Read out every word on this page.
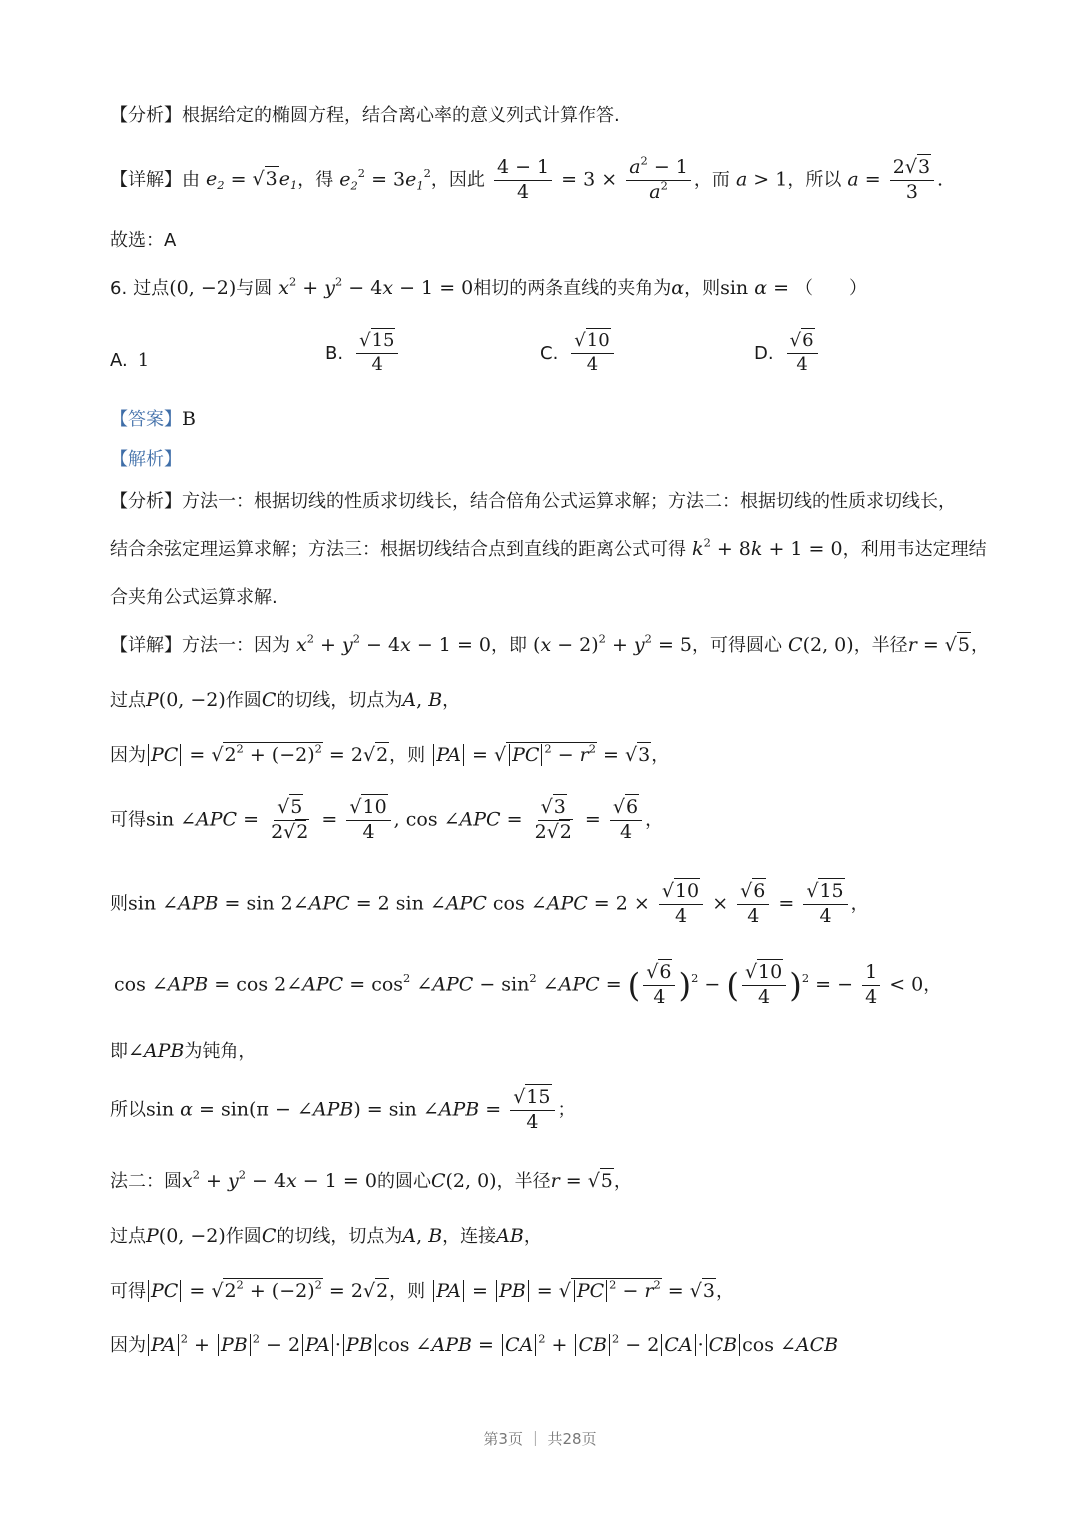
【分析】根据给定的椭圆方程，结合离心率的意义列式计算作答.
【详解】由 $e_2 = √3e_1$，得 $e_2^2 = 3e_1^2$，因此 $\frac{4 - 1}{4} = 3 \times \frac{a^2 - 1}{a^2}$ ，而 a > 1，所以 $a = \frac{2√3}{3}$ .
故选：A
6. 过点(0, −2)与圆 $x^2 + y^2 - 4x - 1 = 0$相切的两条直线的夹角为α，则sin α = （　　）
A. 1	B. $\frac{√15}{4}$	C. $\frac{√10}{4}$	D. $\frac{√6}{4}$
【答案】B
【解析】
【分析】方法一：根据切线的性质求切线长，结合倍角公式运算求解；方法二：根据切线的性质求切线长，
结合余弦定理运算求解；方法三：根据切线结合点到直线的距离公式可得 $k^2 + 8k + 1 = 0$，利用韦达定理结
合夹角公式运算求解.
【详解】方法一：因为 $x^2 + y^2 - 4x - 1 = 0$，即 $(x - 2)^2 + y^2 = 5$，可得圆心 C(2, 0)，半径r = √5，
过点P(0, −2)作圆C的切线，切点为A, B，
因为 PC = $√2^2 + (-2)^2 = 2√2$，则 PA = √ PC $^2 - r^2 = √3$，
可得sin ∠APC = $\frac{√5}{2√2} = \frac{√10}{4}$ , cos ∠APC = $\frac{√3}{2√2} = \frac{√6}{4}$ ，
则sin ∠APB = sin 2∠APC = 2 sin ∠APC cos ∠APC = $2 \times \frac{√10}{4} \times \frac{√6}{4} = \frac{√15}{4}$ ，
cos ∠APB = cos 2∠APC = $\cos^2$ ∠APC − $\sin^2$ ∠APC = ( $\frac{√6}{4} )^2$ − ( $\frac{√10}{4} )^2$ = − $\frac{1}{4} < 0$，
即∠APB为钝角，
所以sin α = sin(π − ∠APB) = sin ∠APB = $\frac{√15}{4}$ ；
法二：圆$x^2 + y^2 - 4x - 1 = 0$的圆心C(2, 0)，半径r = √5，
过点P(0, −2)作圆C的切线，切点为A, B，连接AB，
可得 PC = $√2^2 + (-2)^2 = 2√2$，则 PA = PB = √ PC $^2 - r^2 = √3$，
因为 PA $^2$ + PB $^2$ − 2 PA · PB cos ∠APB = CA $^2$ + CB $^2$ − 2 CA · CB cos ∠ACB
第3页 ｜ 共28页
